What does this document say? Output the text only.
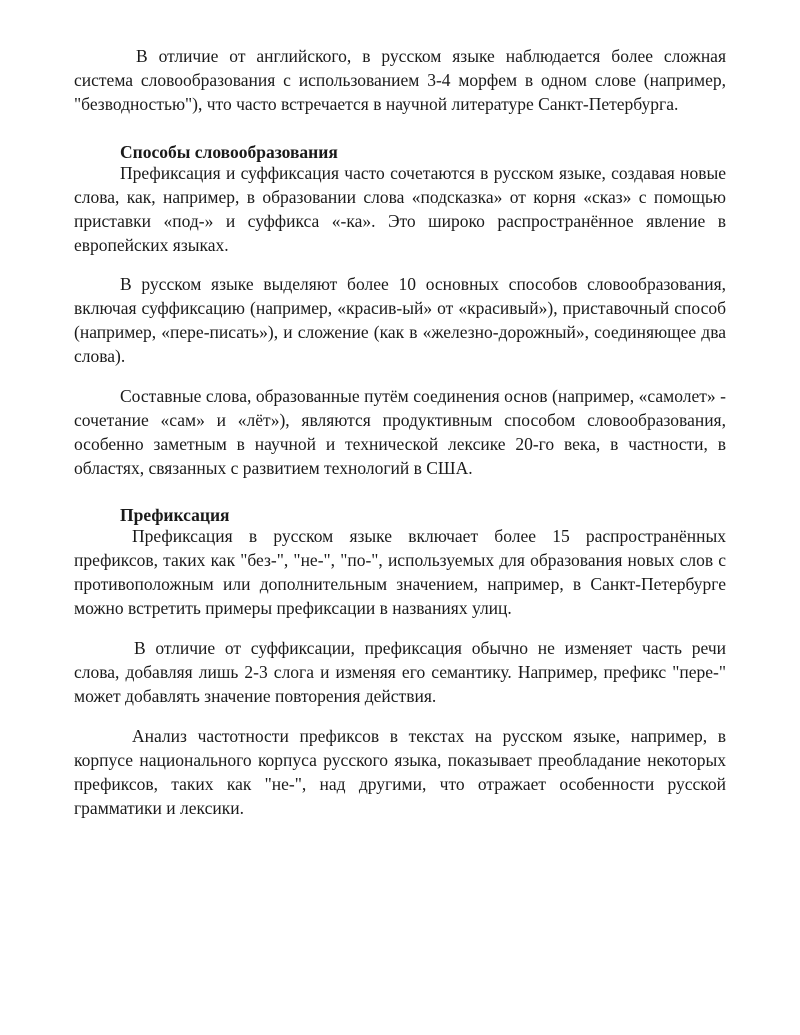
В отличие от английского, в русском языке наблюдается более сложная система словообразования с использованием 3-4 морфем в одном слове (например, "безводностью"), что часто встречается в научной литературе Санкт-Петербурга.

Способы словообразования

Префиксация и суффиксация часто сочетаются в русском языке, создавая новые слова, как, например, в образовании слова «подсказка» от корня «сказ» с помощью приставки «под-» и суффикса «-ка». Это широко распространённое явление в европейских языках.

В русском языке выделяют более 10 основных способов словообразования, включая суффиксацию (например, «красив-ый» от «красивый»), приставочный способ (например, «пере-писать»), и сложение (как в «железно-дорожный», соединяющее два слова).

Составные слова, образованные путём соединения основ (например, «самолет» - сочетание «сам» и «лёт»), являются продуктивным способом словообразования, особенно заметным в научной и технической лексике 20-го века, в частности, в областях, связанных с развитием технологий в США.

Префиксация

Префиксация в русском языке включает более 15 распространённых префиксов, таких как "без-", "не-", "по-", используемых для образования новых слов с противоположным или дополнительным значением, например, в Санкт-Петербурге можно встретить примеры префиксации в названиях улиц.

В отличие от суффиксации, префиксация обычно не изменяет часть речи слова, добавляя лишь 2-3 слога и изменяя его семантику. Например, префикс "пере-" может добавлять значение повторения действия.

Анализ частотности префиксов в текстах на русском языке, например, в корпусе национального корпуса русского языка, показывает преобладание некоторых префиксов, таких как "не-", над другими, что отражает особенности русской грамматики и лексики.
